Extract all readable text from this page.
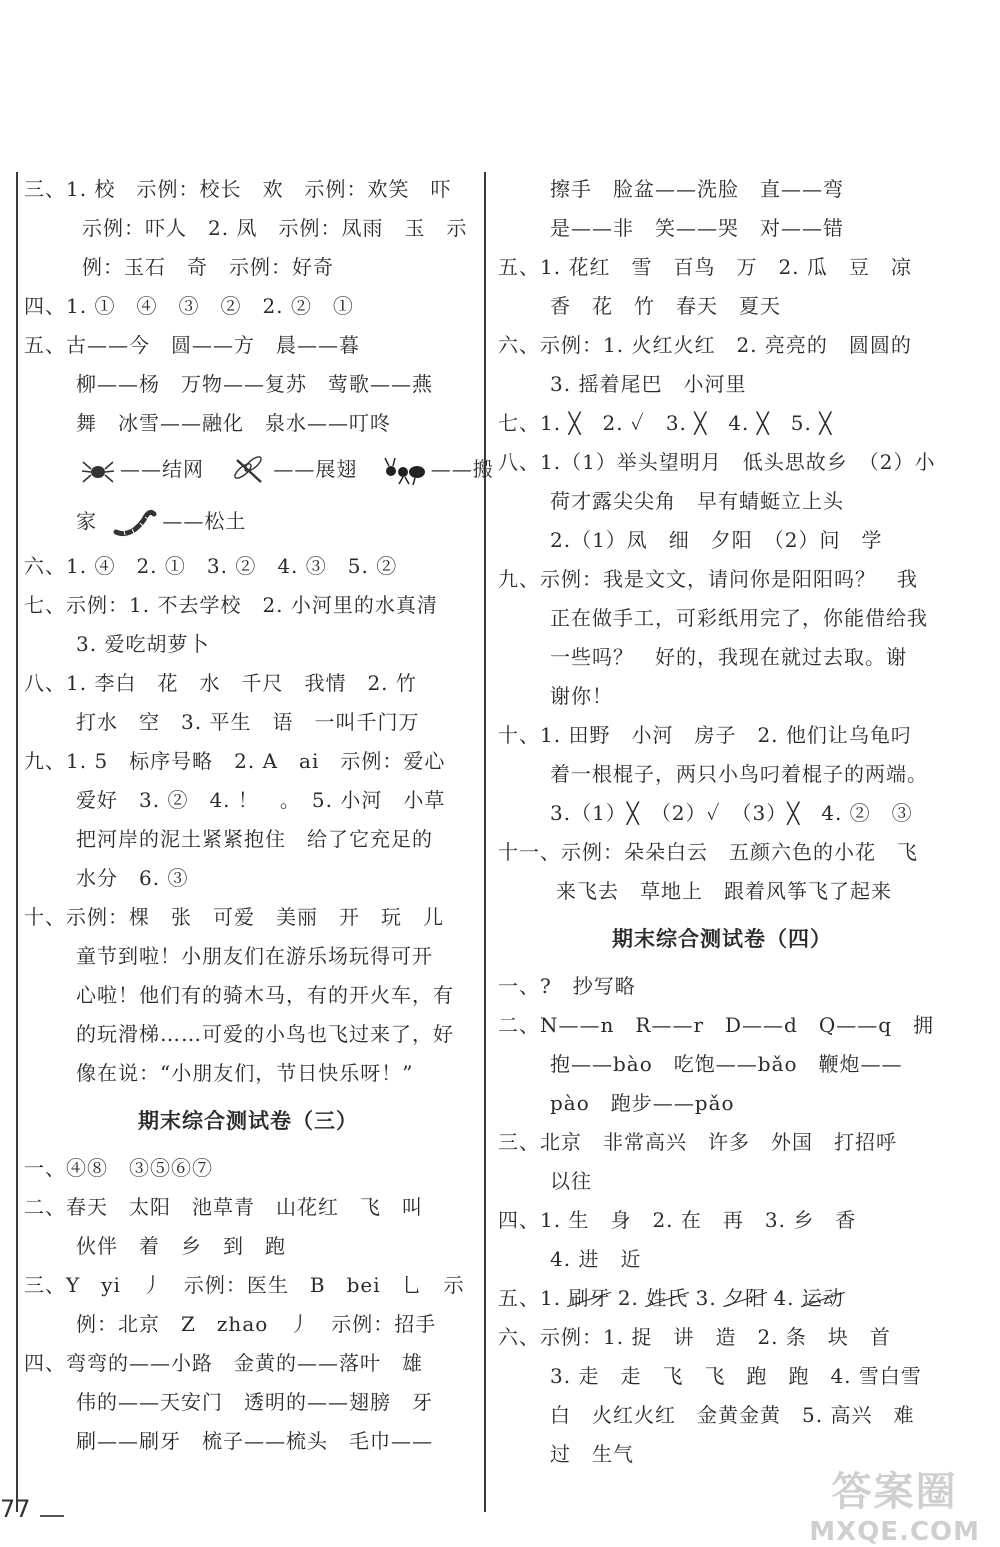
三、1. 校　示例：校长　欢　示例：欢笑　吓
示例：吓人　2. 凤　示例：凤雨　玉　示
例：玉石　奇　示例：好奇
四、1. ①　④　③　②　2. ②　①
五、古——今　圆——方　晨——暮
柳——杨　万物——复苏　莺歌——燕
舞　冰雪——融化　泉水——叮咚
——结网	——展翅	——搬
家	——松土
六、1. ④　2. ①　3. ②　4. ③　5. ②
七、示例：1. 不去学校　2. 小河里的水真清
3. 爱吃胡萝卜
八、1. 李白　花　水　千尺　我情　2. 竹
打水　空　3. 平生　语　一叫千门万
九、1. 5　标序号略　2. A　ai　示例：爱心
爱好　3. ②　4. ！　。　5. 小河　小草
把河岸的泥土紧紧抱住　给了它充足的
水分　6. ③
十、示例：棵　张　可爱　美丽　开　玩　儿
童节到啦！小朋友们在游乐场玩得可开
心啦！他们有的骑木马，有的开火车，有
的玩滑梯……可爱的小鸟也飞过来了，好
像在说：“小朋友们，节日快乐呀！”
期末综合测试卷（三）
一、④⑧　③⑤⑥⑦
二、春天　太阳　池草青　山花红　飞　叫
伙伴　着　乡　到　跑
三、Y　yi　丿　示例：医生　B　bei　乚　示
例：北京　Z　zhao　丿　示例：招手
四、弯弯的——小路　金黄的——落叶　雄
伟的——天安门　透明的——翅膀　牙
刷——刷牙　梳子——梳头　毛巾——
擦手　脸盆——洗脸　直——弯
是——非　笑——哭　对——错
五、1. 花红　雪　百鸟　万　2. 瓜　豆　凉
香　花　竹　春天　夏天
六、示例：1. 火红火红　2. 亮亮的　圆圆的
3. 摇着尾巴　小河里
七、1. ╳　2. ✓　3. ╳　4. ╳　5. ╳
八、1.（1）举头望明月　低头思故乡　（2）小
荷才露尖尖角　早有蜻蜓立上头
2.（1）凤　细　夕阳　（2）问　学
九、示例：我是文文，请问你是阳阳吗？　我
正在做手工，可彩纸用完了，你能借给我
一些吗？　好的，我现在就过去取。谢
谢你！
十、1. 田野　小河　房子　2. 他们让乌龟叼
着一根棍子，两只小鸟叼着棍子的两端。
3.（1）╳　（2）✓　（3）╳　4. ②　③
十一、示例：朵朵白云　五颜六色的小花　飞
来飞去　草地上　跟着风筝飞了起来
期末综合测试卷（四）
一、?　抄写略
二、N——n　R——r　D——d　Q——q　拥
抱——bào　吃饱——bǎo　鞭炮——
pào　跑步——pǎo
三、北京　非常高兴　许多　外国　打招呼
以往
四、1. 生　身　2. 在　再　3. 乡　香
4. 进　近
五、1. 刷牙 2. 姓氏 3. 夕阳 4. 运动
六、示例：1. 捉　讲　造　2. 条　块　首
3. 走　走　飞　飞　跑　跑　4. 雪白雪
白　火红火红　金黄金黄　5. 高兴　难
过　生气
77	答案圈
MXQE.COM
